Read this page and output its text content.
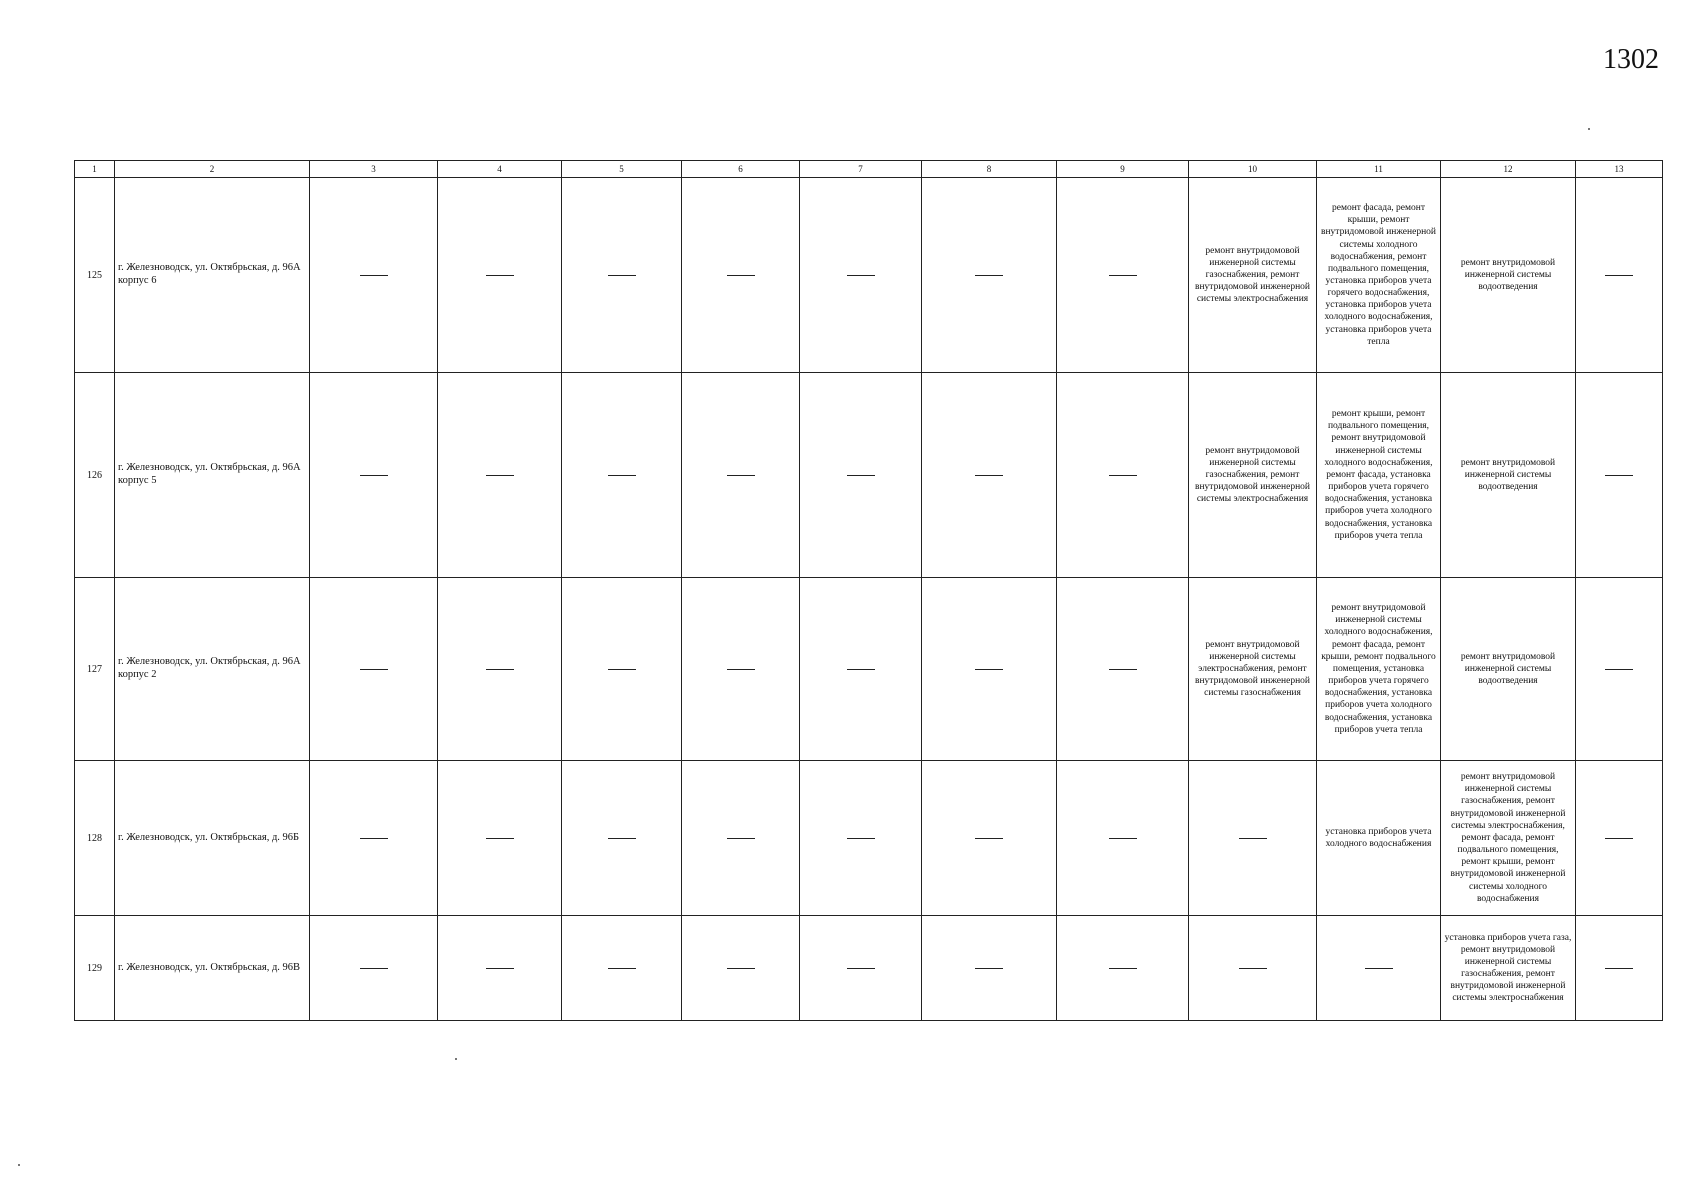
1302
1	2	3	4	5	6	7	8	9	10	11	12	13
125	г. Железноводск, ул. Октябрьская, д. 96А корпус 6								ремонт внутридомовой инженерной системы газоснабжения, ремонт внутридомовой инженерной системы электроснабжения	ремонт фасада, ремонт крыши, ремонт внутридомовой инженерной системы холодного водоснабжения, ремонт подвального помещения, установка приборов учета горячего водоснабжения, установка приборов учета холодного водоснабжения, установка приборов учета тепла	ремонт внутридомовой инженерной системы водоотведения	
126	г. Железноводск, ул. Октябрьская, д. 96А корпус 5								ремонт внутридомовой инженерной системы газоснабжения, ремонт внутридомовой инженерной системы электроснабжения	ремонт крыши, ремонт подвального помещения, ремонт внутридомовой инженерной системы холодного водоснабжения, ремонт фасада, установка приборов учета горячего водоснабжения, установка приборов учета холодного водоснабжения, установка приборов учета тепла	ремонт внутридомовой инженерной системы водоотведения	
127	г. Железноводск, ул. Октябрьская, д. 96А корпус 2								ремонт внутридомовой инженерной системы электроснабжения, ремонт внутридомовой инженерной системы газоснабжения	ремонт внутридомовой инженерной системы холодного водоснабжения, ремонт фасада, ремонт крыши, ремонт подвального помещения, установка приборов учета горячего водоснабжения, установка приборов учета холодного водоснабжения, установка приборов учета тепла	ремонт внутридомовой инженерной системы водоотведения	
128	г. Железноводск, ул. Октябрьская, д. 96Б									установка приборов учета холодного водоснабжения	ремонт внутридомовой инженерной системы газоснабжения, ремонт внутридомовой инженерной системы электроснабжения, ремонт фасада, ремонт подвального помещения, ремонт крыши, ремонт внутридомовой инженерной системы холодного водоснабжения	
129	г. Железноводск, ул. Октябрьская, д. 96В										установка приборов учета газа, ремонт внутридомовой инженерной системы газоснабжения, ремонт внутридомовой инженерной системы электроснабжения	
